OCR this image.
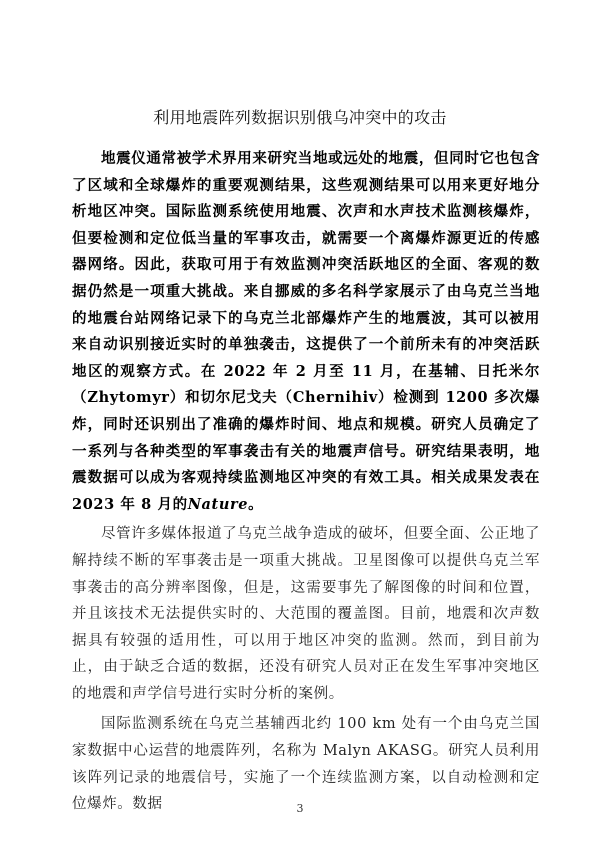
利用地震阵列数据识别俄乌冲突中的攻击

地震仪通常被学术界用来研究当地或远处的地震，但同时它也包含了区域和全球爆炸的重要观测结果，这些观测结果可以用来更好地分析地区冲突。国际监测系统使用地震、次声和水声技术监测核爆炸，但要检测和定位低当量的军事攻击，就需要一个离爆炸源更近的传感器网络。因此，获取可用于有效监测冲突活跃地区的全面、客观的数据仍然是一项重大挑战。来自挪威的多名科学家展示了由乌克兰当地的地震台站网络记录下的乌克兰北部爆炸产生的地震波，其可以被用来自动识别接近实时的单独袭击，这提供了一个前所未有的冲突活跃地区的观察方式。在 2022 年 2 月至 11 月，在基辅、日托米尔（Zhytomyr）和切尔尼戈夫（Chernihiv）检测到 1200 多次爆炸，同时还识别出了准确的爆炸时间、地点和规模。研究人员确定了一系列与各种类型的军事袭击有关的地震声信号。研究结果表明，地震数据可以成为客观持续监测地区冲突的有效工具。相关成果发表在 2023 年 8 月的Nature。

尽管许多媒体报道了乌克兰战争造成的破坏，但要全面、公正地了解持续不断的军事袭击是一项重大挑战。卫星图像可以提供乌克兰军事袭击的高分辨率图像，但是，这需要事先了解图像的时间和位置，并且该技术无法提供实时的、大范围的覆盖图。目前，地震和次声数据具有较强的适用性，可以用于地区冲突的监测。然而，到目前为止，由于缺乏合适的数据，还没有研究人员对正在发生军事冲突地区的地震和声学信号进行实时分析的案例。

国际监测系统在乌克兰基辅西北约 100 km 处有一个由乌克兰国家数据中心运营的地震阵列，名称为 Malyn AKASG。研究人员利用该阵列记录的地震信号，实施了一个连续监测方案，以自动检测和定位爆炸。数据	3
